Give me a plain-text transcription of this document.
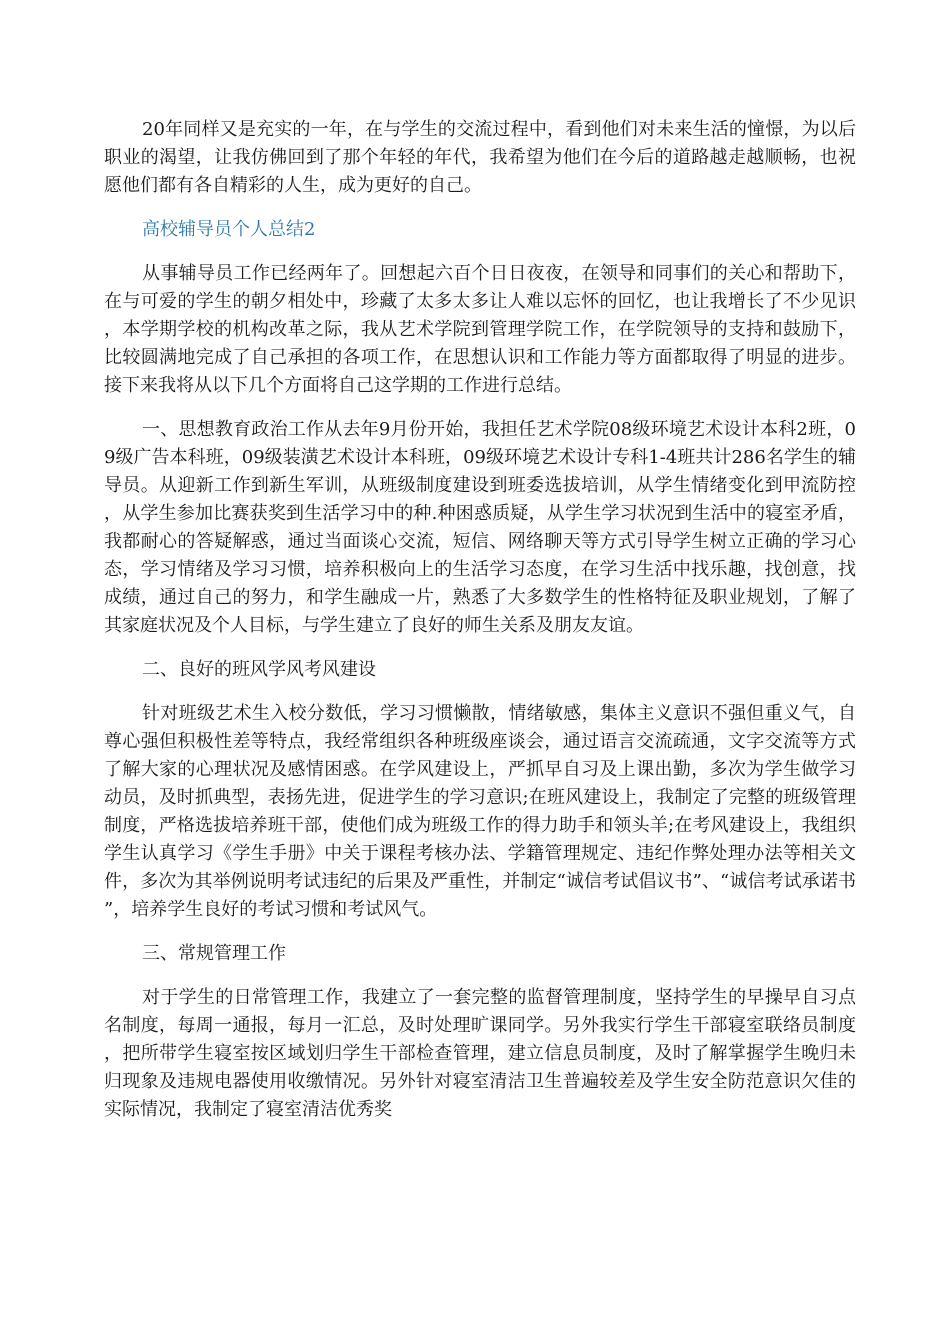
20年同样又是充实的一年，在与学生的交流过程中，看到他们对未来生活的憧憬，为以后职业的渴望，让我仿佛回到了那个年轻的年代，我希望为他们在今后的道路越走越顺畅，也祝愿他们都有各自精彩的人生，成为更好的自己。

高校辅导员个人总结2

从事辅导员工作已经两年了。回想起六百个日日夜夜，在领导和同事们的关心和帮助下，在与可爱的学生的朝夕相处中，珍藏了太多太多让人难以忘怀的回忆，也让我增长了不少见识，本学期学校的机构改革之际，我从艺术学院到管理学院工作，在学院领导的支持和鼓励下，比较圆满地完成了自己承担的各项工作，在思想认识和工作能力等方面都取得了明显的进步。接下来我将从以下几个方面将自己这学期的工作进行总结。

一、思想教育政治工作从去年9月份开始，我担任艺术学院08级环境艺术设计本科2班，09级广告本科班，09级装潢艺术设计本科班，09级环境艺术设计专科1-4班共计286名学生的辅导员。从迎新工作到新生军训，从班级制度建设到班委选拔培训，从学生情绪变化到甲流防控，从学生参加比赛获奖到生活学习中的种.种困惑质疑，从学生学习状况到生活中的寝室矛盾，我都耐心的答疑解惑，通过当面谈心交流，短信、网络聊天等方式引导学生树立正确的学习心态，学习情绪及学习习惯，培养积极向上的生活学习态度，在学习生活中找乐趣，找创意，找成绩，通过自己的努力，和学生融成一片，熟悉了大多数学生的性格特征及职业规划，了解了其家庭状况及个人目标，与学生建立了良好的师生关系及朋友友谊。

二、良好的班风学风考风建设

针对班级艺术生入校分数低，学习习惯懒散，情绪敏感，集体主义意识不强但重义气，自尊心强但积极性差等特点，我经常组织各种班级座谈会，通过语言交流疏通，文字交流等方式了解大家的心理状况及感情困惑。在学风建设上，严抓早自习及上课出勤，多次为学生做学习动员，及时抓典型，表扬先进，促进学生的学习意识;在班风建设上，我制定了完整的班级管理制度，严格选拔培养班干部，使他们成为班级工作的得力助手和领头羊;在考风建设上，我组织学生认真学习《学生手册》中关于课程考核办法、学籍管理规定、违纪作弊处理办法等相关文件，多次为其举例说明考试违纪的后果及严重性，并制定“诚信考试倡议书”、“诚信考试承诺书”，培养学生良好的考试习惯和考试风气。

三、常规管理工作

对于学生的日常管理工作，我建立了一套完整的监督管理制度，坚持学生的早操早自习点名制度，每周一通报，每月一汇总，及时处理旷课同学。另外我实行学生干部寝室联络员制度，把所带学生寝室按区域划归学生干部检查管理，建立信息员制度，及时了解掌握学生晚归未归现象及违规电器使用收缴情况。另外针对寝室清洁卫生普遍较差及学生安全防范意识欠佳的实际情况，我制定了寝室清洁优秀奖
